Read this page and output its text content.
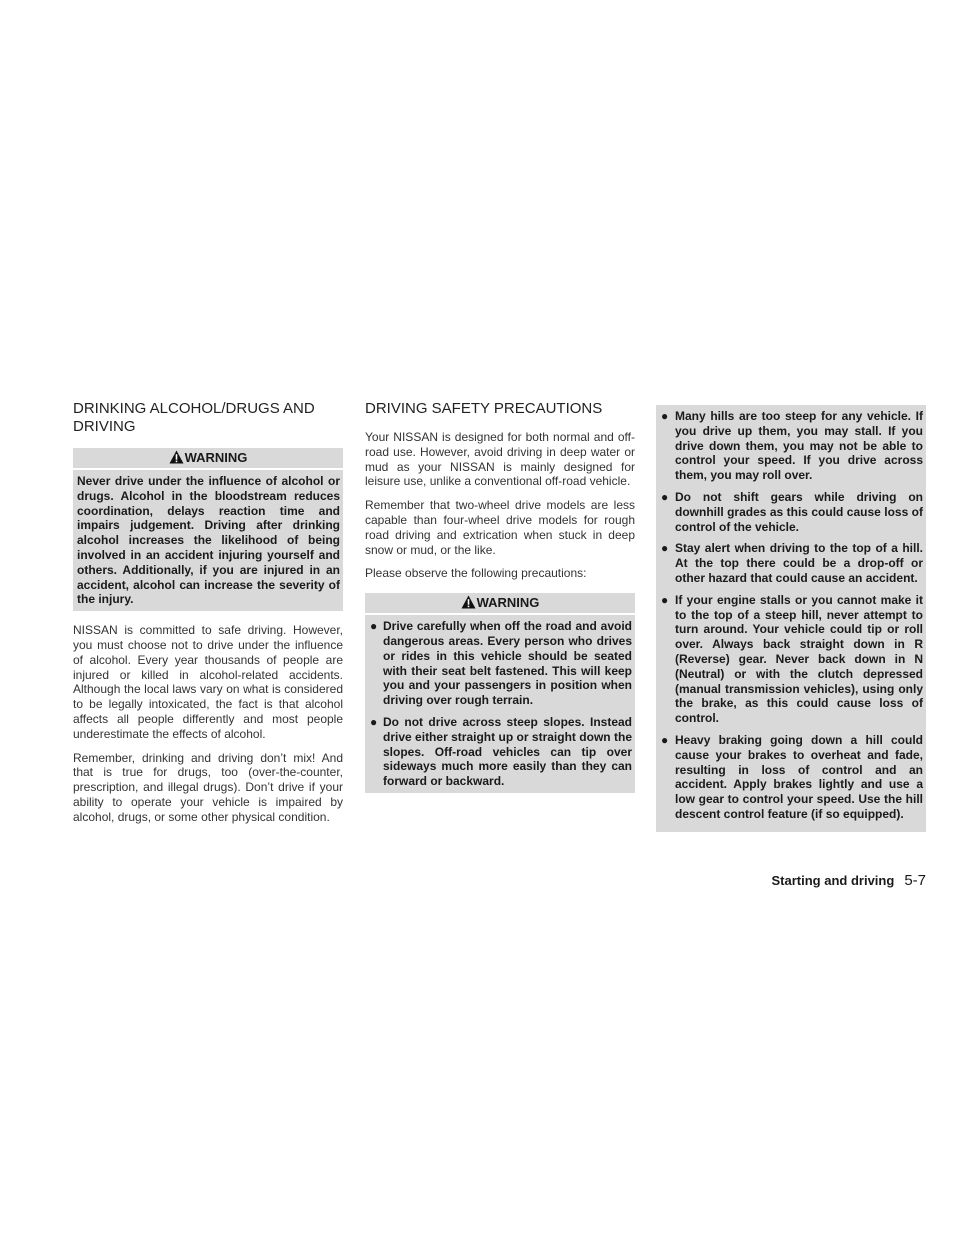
DRINKING ALCOHOL/DRUGS AND DRIVING
WARNING
Never drive under the influence of alcohol or drugs. Alcohol in the bloodstream reduces coordination, delays reaction time and impairs judgement. Driving after drinking alcohol increases the likelihood of being involved in an accident injuring yourself and others. Additionally, if you are injured in an accident, alcohol can increase the severity of the injury.

NISSAN is committed to safe driving. However, you must choose not to drive under the influence of alcohol. Every year thousands of people are injured or killed in alcohol-related accidents. Although the local laws vary on what is considered to be legally intoxicated, the fact is that alcohol affects all people differently and most people underestimate the effects of alcohol.

Remember, drinking and driving don’t mix! And that is true for drugs, too (over-the-counter, prescription, and illegal drugs). Don’t drive if your ability to operate your vehicle is impaired by alcohol, drugs, or some other physical condition.

DRIVING SAFETY PRECAUTIONS

Your NISSAN is designed for both normal and off-road use. However, avoid driving in deep water or mud as your NISSAN is mainly designed for leisure use, unlike a conventional off-road vehicle.

Remember that two-wheel drive models are less capable than four-wheel drive models for rough road driving and extrication when stuck in deep snow or mud, or the like.

Please observe the following precautions:

WARNING
● Drive carefully when off the road and avoid dangerous areas. Every person who drives or rides in this vehicle should be seated with their seat belt fastened. This will keep you and your passengers in position when driving over rough terrain.
● Do not drive across steep slopes. Instead drive either straight up or straight down the slopes. Off-road vehicles can tip over sideways much more easily than they can forward or backward.
● Many hills are too steep for any vehicle. If you drive up them, you may stall. If you drive down them, you may not be able to control your speed. If you drive across them, you may roll over.
● Do not shift gears while driving on downhill grades as this could cause loss of control of the vehicle.
● Stay alert when driving to the top of a hill. At the top there could be a drop-off or other hazard that could cause an accident.
● If your engine stalls or you cannot make it to the top of a steep hill, never attempt to turn around. Your vehicle could tip or roll over. Always back straight down in R (Reverse) gear. Never back down in N (Neutral) or with the clutch depressed (manual transmission vehicles), using only the brake, as this could cause loss of control.
● Heavy braking going down a hill could cause your brakes to overheat and fade, resulting in loss of control and an accident. Apply brakes lightly and use a low gear to control your speed. Use the hill descent control feature (if so equipped).
Starting and driving 5-7
